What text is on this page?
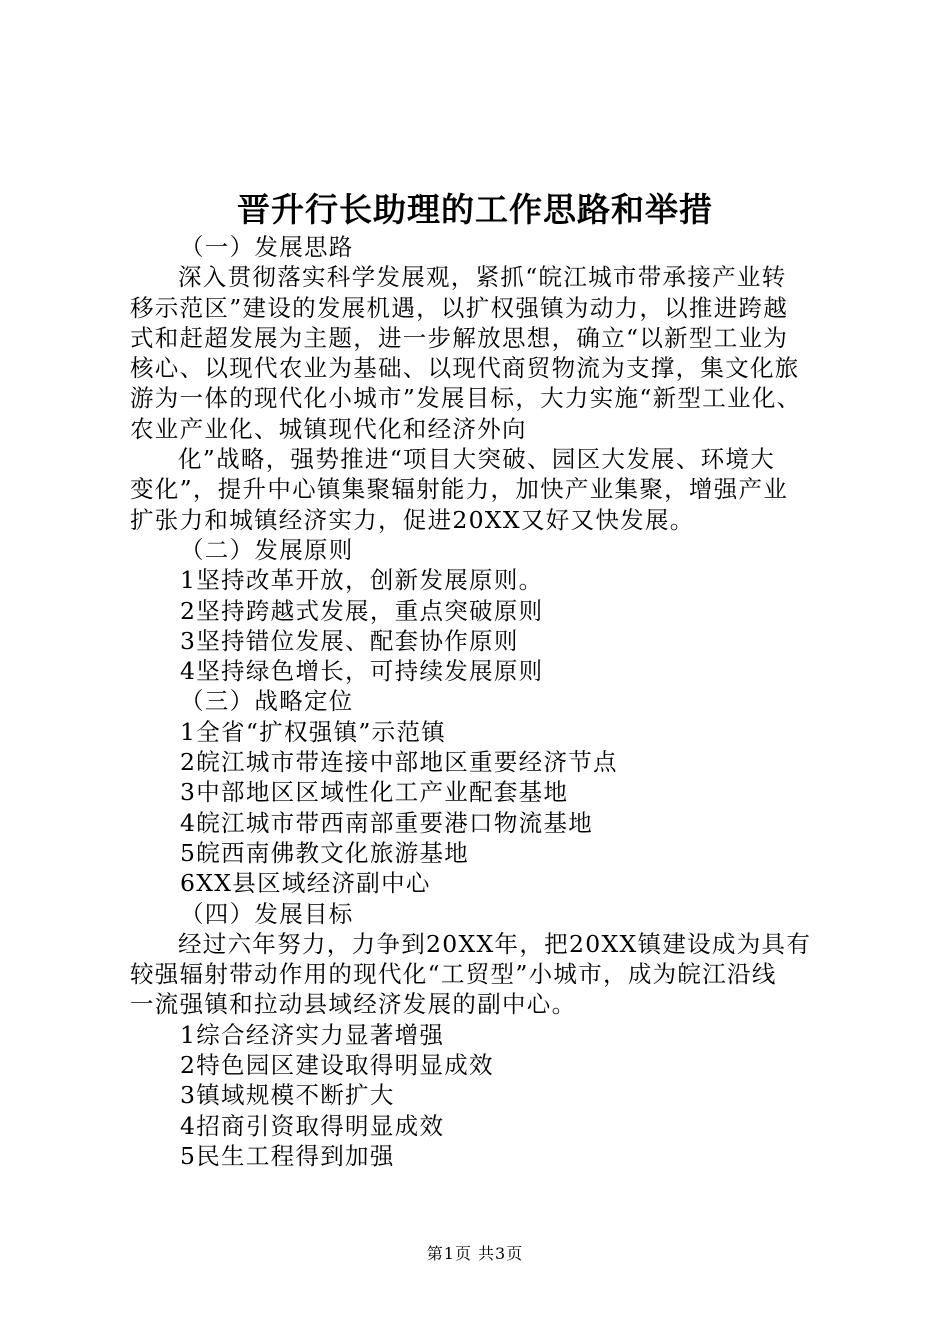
晋升行长助理的工作思路和举措
（一）发展思路
深入贯彻落实科学发展观，紧抓“皖江城市带承接产业转
移示范区”建设的发展机遇，以扩权强镇为动力，以推进跨越
式和赶超发展为主题，进一步解放思想，确立“以新型工业为
核心、以现代农业为基础、以现代商贸物流为支撑，集文化旅
游为一体的现代化小城市”发展目标，大力实施“新型工业化、
农业产业化、城镇现代化和经济外向
化”战略，强势推进“项目大突破、园区大发展、环境大
变化”，提升中心镇集聚辐射能力，加快产业集聚，增强产业
扩张力和城镇经济实力，促进20XX又好又快发展。
（二）发展原则
1坚持改革开放，创新发展原则。
2坚持跨越式发展，重点突破原则
3坚持错位发展、配套协作原则
4坚持绿色增长，可持续发展原则
（三）战略定位
1全省“扩权强镇”示范镇
2皖江城市带连接中部地区重要经济节点
3中部地区区域性化工产业配套基地
4皖江城市带西南部重要港口物流基地
5皖西南佛教文化旅游基地
6XX县区域经济副中心
（四）发展目标
经过六年努力，力争到20XX年，把20XX镇建设成为具有
较强辐射带动作用的现代化“工贸型”小城市，成为皖江沿线
一流强镇和拉动县域经济发展的副中心。
1综合经济实力显著增强
2特色园区建设取得明显成效
3镇域规模不断扩大
4招商引资取得明显成效
5民生工程得到加强
第1页 共3页
